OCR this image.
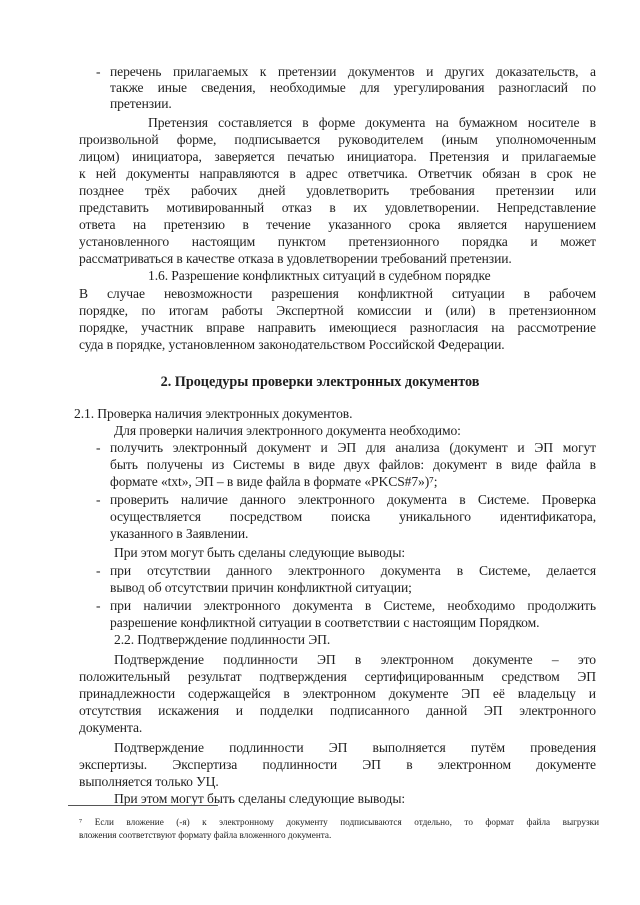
- перечень прилагаемых к претензии документов и других доказательств, а
также иные сведения, необходимые для урегулирования разногласий по
претензии.
Претензия составляется в форме документа на бумажном носителе в
произвольной форме, подписывается руководителем (иным уполномоченным
лицом) инициатора, заверяется печатью инициатора. Претензия и прилагаемые
к ней документы направляются в адрес ответчика. Ответчик обязан в срок не
позднее трёх рабочих дней удовлетворить требования претензии или
представить мотивированный отказ в их удовлетворении. Непредставление
ответа на претензию в течение указанного срока является нарушением
установленного настоящим пунктом претензионного порядка и может
рассматриваться в качестве отказа в удовлетворении требований претензии.
1.6. Разрешение конфликтных ситуаций в судебном порядке
В случае невозможности разрешения конфликтной ситуации в рабочем
порядке, по итогам работы Экспертной комиссии и (или) в претензионном
порядке, участник вправе направить имеющиеся разногласия на рассмотрение
суда в порядке, установленном законодательством Российской Федерации.
2. Процедуры проверки электронных документов
2.1. Проверка наличия электронных документов.
Для проверки наличия электронного документа необходимо:
- получить электронный документ и ЭП для анализа (документ и ЭП могут
быть получены из Системы в виде двух файлов: документ в виде файла в
формате «txt», ЭП – в виде файла в формате «PKCS#7»)⁷;
- проверить наличие данного электронного документа в Системе. Проверка
осуществляется посредством поиска уникального идентификатора,
указанного в Заявлении.
При этом могут быть сделаны следующие выводы:
- при отсутствии данного электронного документа в Системе, делается
вывод об отсутствии причин конфликтной ситуации;
- при наличии электронного документа в Системе, необходимо продолжить
разрешение конфликтной ситуации в соответствии с настоящим Порядком.
2.2. Подтверждение подлинности ЭП.
Подтверждение подлинности ЭП в электронном документе – это
положительный результат подтверждения сертифицированным средством ЭП
принадлежности содержащейся в электронном документе ЭП её владельцу и
отсутствия искажения и подделки подписанного данной ЭП электронного
документа.
Подтверждение подлинности ЭП выполняется путём проведения
экспертизы. Экспертиза подлинности ЭП в электронном документе
выполняется только УЦ.
При этом могут быть сделаны следующие выводы:
⁷ Если вложение (-я) к электронному документу подписываются отдельно, то формат файла выгрузки
вложения соответствуют формату файла вложенного документа.
